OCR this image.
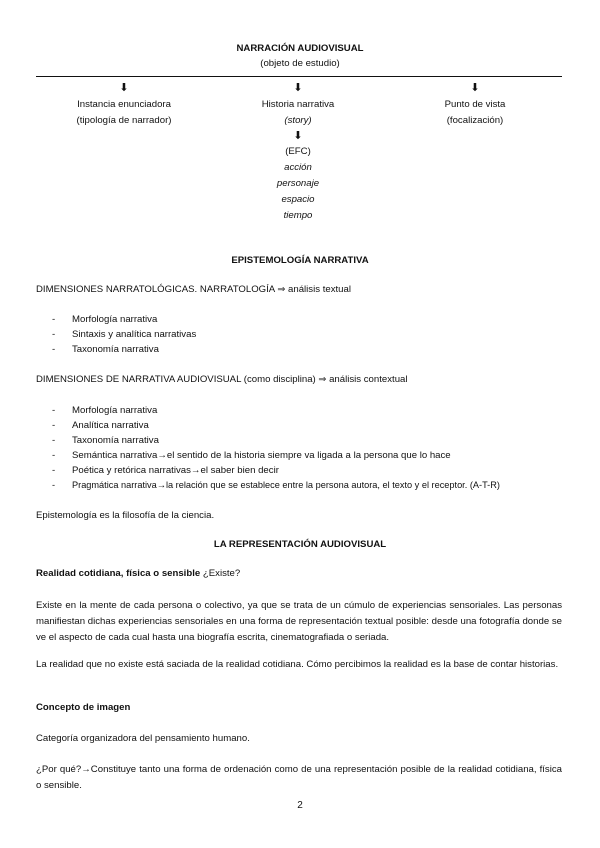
NARRACIÓN AUDIOVISUAL
(objeto de estudio)
⬇	⬇	⬇
Instancia enunciadora
(tipología de narrador)
Historia narrativa
(story)
⬇
(EFC)
acción
personaje
espacio
tiempo
Punto de vista
(focalización)
EPISTEMOLOGÍA NARRATIVA
DIMENSIONES NARRATOLÓGICAS. NARRATOLOGÍA ⇒ análisis textual
- Morfología narrativa
- Sintaxis y analítica narrativas
- Taxonomía narrativa
DIMENSIONES DE NARRATIVA AUDIOVISUAL (como disciplina) ⇒ análisis contextual
- Morfología narrativa
- Analítica narrativa
- Taxonomía narrativa
- Semántica narrativa→el sentido de la historia siempre va ligada a la persona que lo hace
- Poética y retórica narrativas→el saber bien decir
- Pragmática narrativa→la relación que se establece entre la persona autora, el texto y el receptor. (A-T-R)
Epistemología es la filosofía de la ciencia.
LA REPRESENTACIÓN AUDIOVISUAL
Realidad cotidiana, física o sensible ¿Existe?
Existe en la mente de cada persona o colectivo, ya que se trata de un cúmulo de experiencias sensoriales. Las personas manifiestan dichas experiencias sensoriales en una forma de representación textual posible: desde una fotografía donde se ve el aspecto de cada cual hasta una biografía escrita, cinematografiada o seriada.
La realidad que no existe está saciada de la realidad cotidiana. Cómo percibimos la realidad es la base de contar historias.
Concepto de imagen
Categoría organizadora del pensamiento humano.
¿Por qué?→Constituye tanto una forma de ordenación como de una representación posible de la realidad cotidiana, física o sensible.
2
